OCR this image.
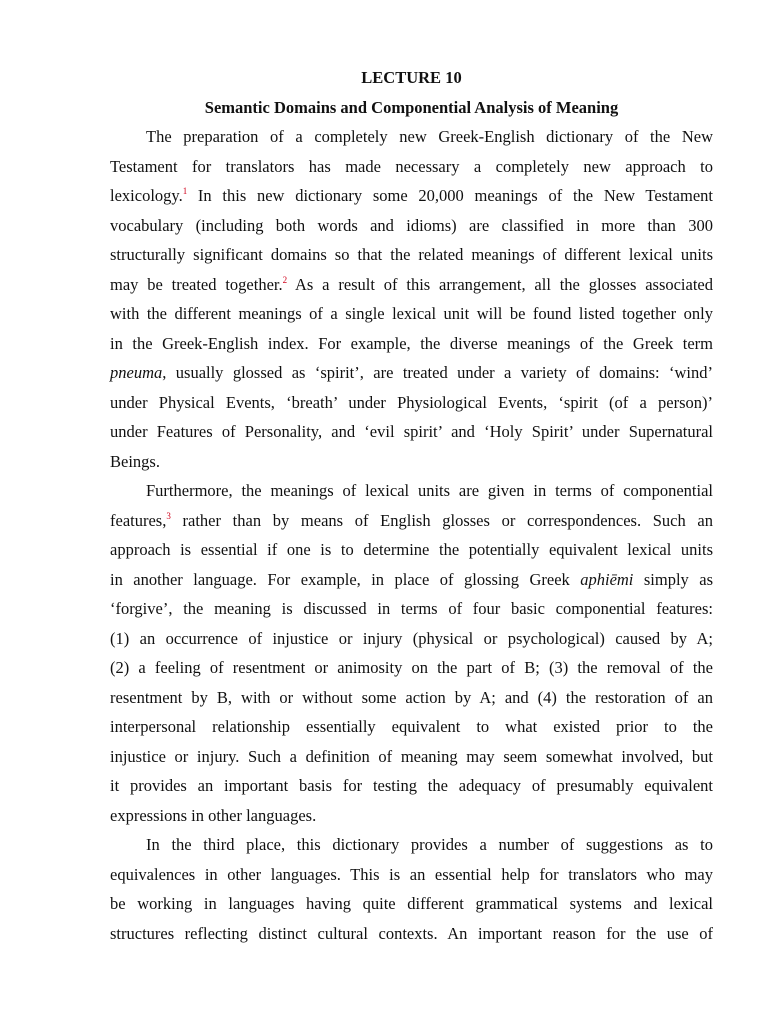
LECTURE 10
Semantic Domains and Componential Analysis of Meaning
The preparation of a completely new Greek-English dictionary of the New
Testament for translators has made necessary a completely new approach to
lexicology.$^1$ In this new dictionary some 20,000 meanings of the New Testament
vocabulary (including both words and idioms) are classified in more than 300
structurally significant domains so that the related meanings of different lexical units
may be treated together.$^2$ As a result of this arrangement, all the glosses associated
with the different meanings of a single lexical unit will be found listed together only
in the Greek-English index. For example, the diverse meanings of the Greek term
pneuma, usually glossed as ‘spirit’, are treated under a variety of domains: ‘wind’
under Physical Events, ‘breath’ under Physiological Events, ‘spirit (of a person)’
under Features of Personality, and ‘evil spirit’ and ‘Holy Spirit’ under Supernatural
Beings.
Furthermore, the meanings of lexical units are given in terms of componential
features,$^3$ rather than by means of English glosses or correspondences. Such an
approach is essential if one is to determine the potentially equivalent lexical units
in another language. For example, in place of glossing Greek aphiēmi simply as
‘forgive’, the meaning is discussed in terms of four basic componential features:
(1) an occurrence of injustice or injury (physical or psychological) caused by A;
(2) a feeling of resentment or animosity on the part of B; (3) the removal of the
resentment by B, with or without some action by A; and (4) the restoration of an
interpersonal relationship essentially equivalent to what existed prior to the
injustice or injury. Such a definition of meaning may seem somewhat involved, but
it provides an important basis for testing the adequacy of presumably equivalent
expressions in other languages.
In the third place, this dictionary provides a number of suggestions as to
equivalences in other languages. This is an essential help for translators who may
be working in languages having quite different grammatical systems and lexical
structures reflecting distinct cultural contexts. An important reason for the use of
